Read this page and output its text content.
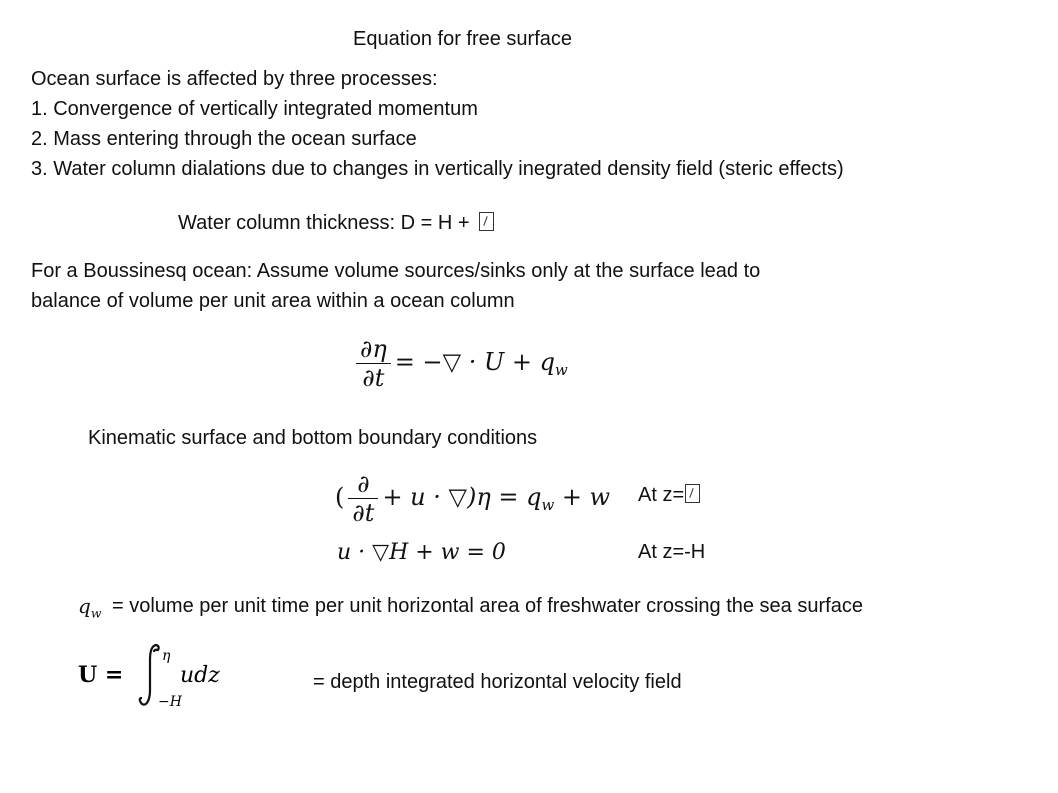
Equation for free surface
Ocean surface is affected by three processes:
1. Convergence of vertically integrated momentum
2. Mass entering through the ocean surface
3. Water column dialations due to changes in vertically inegrated density field (steric effects)
Water column thickness: D = H +
For a Boussinesq ocean: Assume volume sources/sinks only at the surface lead to
balance of volume per unit area within a ocean column
$\frac{\partial\eta}{\partial t}$ = −▽ · $U + q_w$
Kinematic surface and bottom boundary conditions
( $\frac{\partial}{\partial t} + u$ · ▽)η = $q_w + w$ At z=
u · ▽H + w = 0	At z=-H
$q_w$ = volume per unit time per unit horizontal area of freshwater crossing the sea surface
U =
η
−H
udz	= depth integrated horizontal velocity field
